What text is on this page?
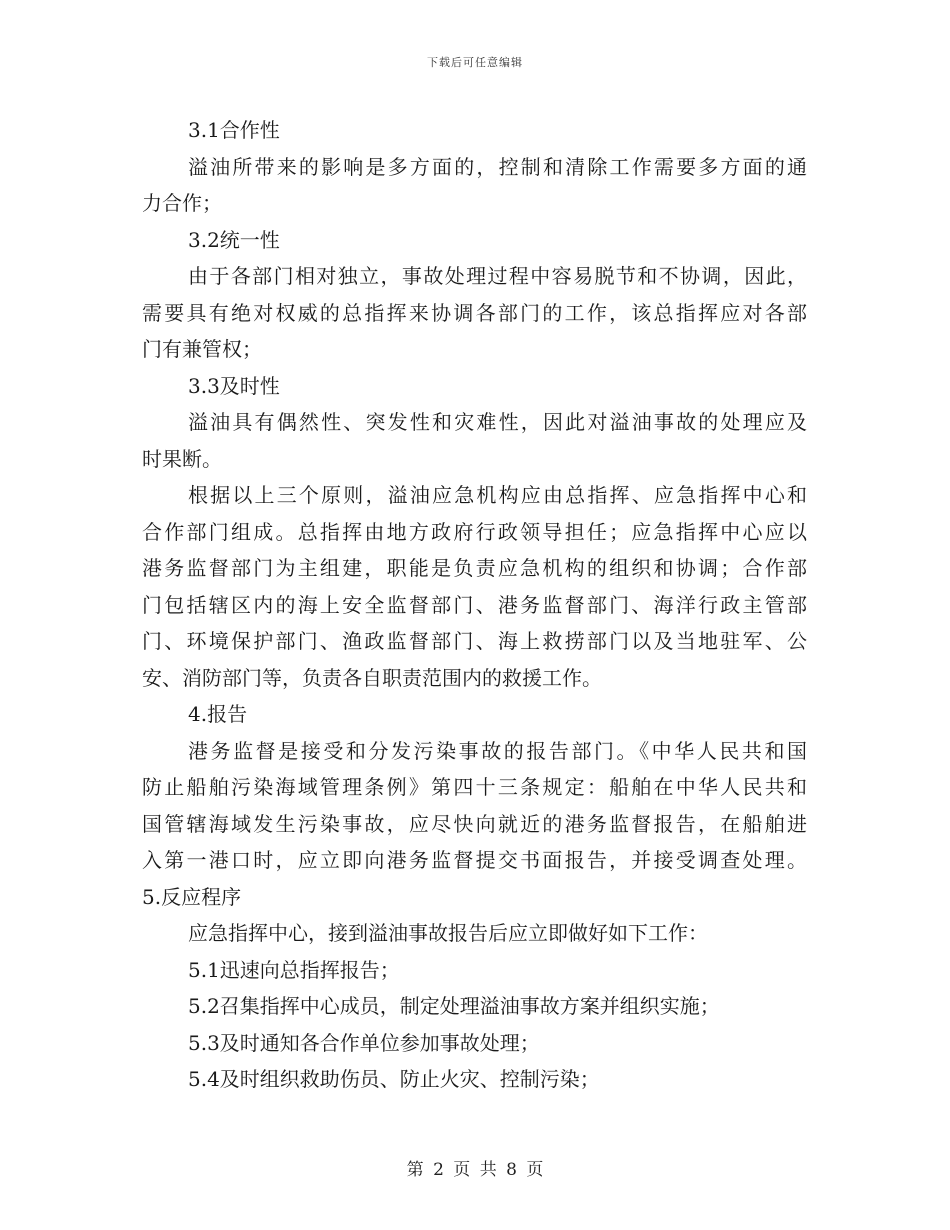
下载后可任意编辑
3.1合作性
溢油所带来的影响是多方面的，控制和清除工作需要多方面的通
力合作；
3.2统一性
由于各部门相对独立，事故处理过程中容易脱节和不协调，因此，
需要具有绝对权威的总指挥来协调各部门的工作，该总指挥应对各部
门有兼管权；
3.3及时性
溢油具有偶然性、突发性和灾难性，因此对溢油事故的处理应及
时果断。
根据以上三个原则，溢油应急机构应由总指挥、应急指挥中心和
合作部门组成。总指挥由地方政府行政领导担任；应急指挥中心应以
港务监督部门为主组建，职能是负责应急机构的组织和协调；合作部
门包括辖区内的海上安全监督部门、港务监督部门、海洋行政主管部
门、环境保护部门、渔政监督部门、海上救捞部门以及当地驻军、公
安、消防部门等，负责各自职责范围内的救援工作。
4.报告
港务监督是接受和分发污染事故的报告部门。《中华人民共和国
防止船舶污染海域管理条例》第四十三条规定：船舶在中华人民共和
国管辖海域发生污染事故，应尽快向就近的港务监督报告，在船舶进
入第一港口时，应立即向港务监督提交书面报告，并接受调查处理。
5.反应程序
应急指挥中心，接到溢油事故报告后应立即做好如下工作：
5.1迅速向总指挥报告；
5.2召集指挥中心成员，制定处理溢油事故方案并组织实施；
5.3及时通知各合作单位参加事故处理；
5.4及时组织救助伤员、防止火灾、控制污染；
第 2 页 共 8 页
